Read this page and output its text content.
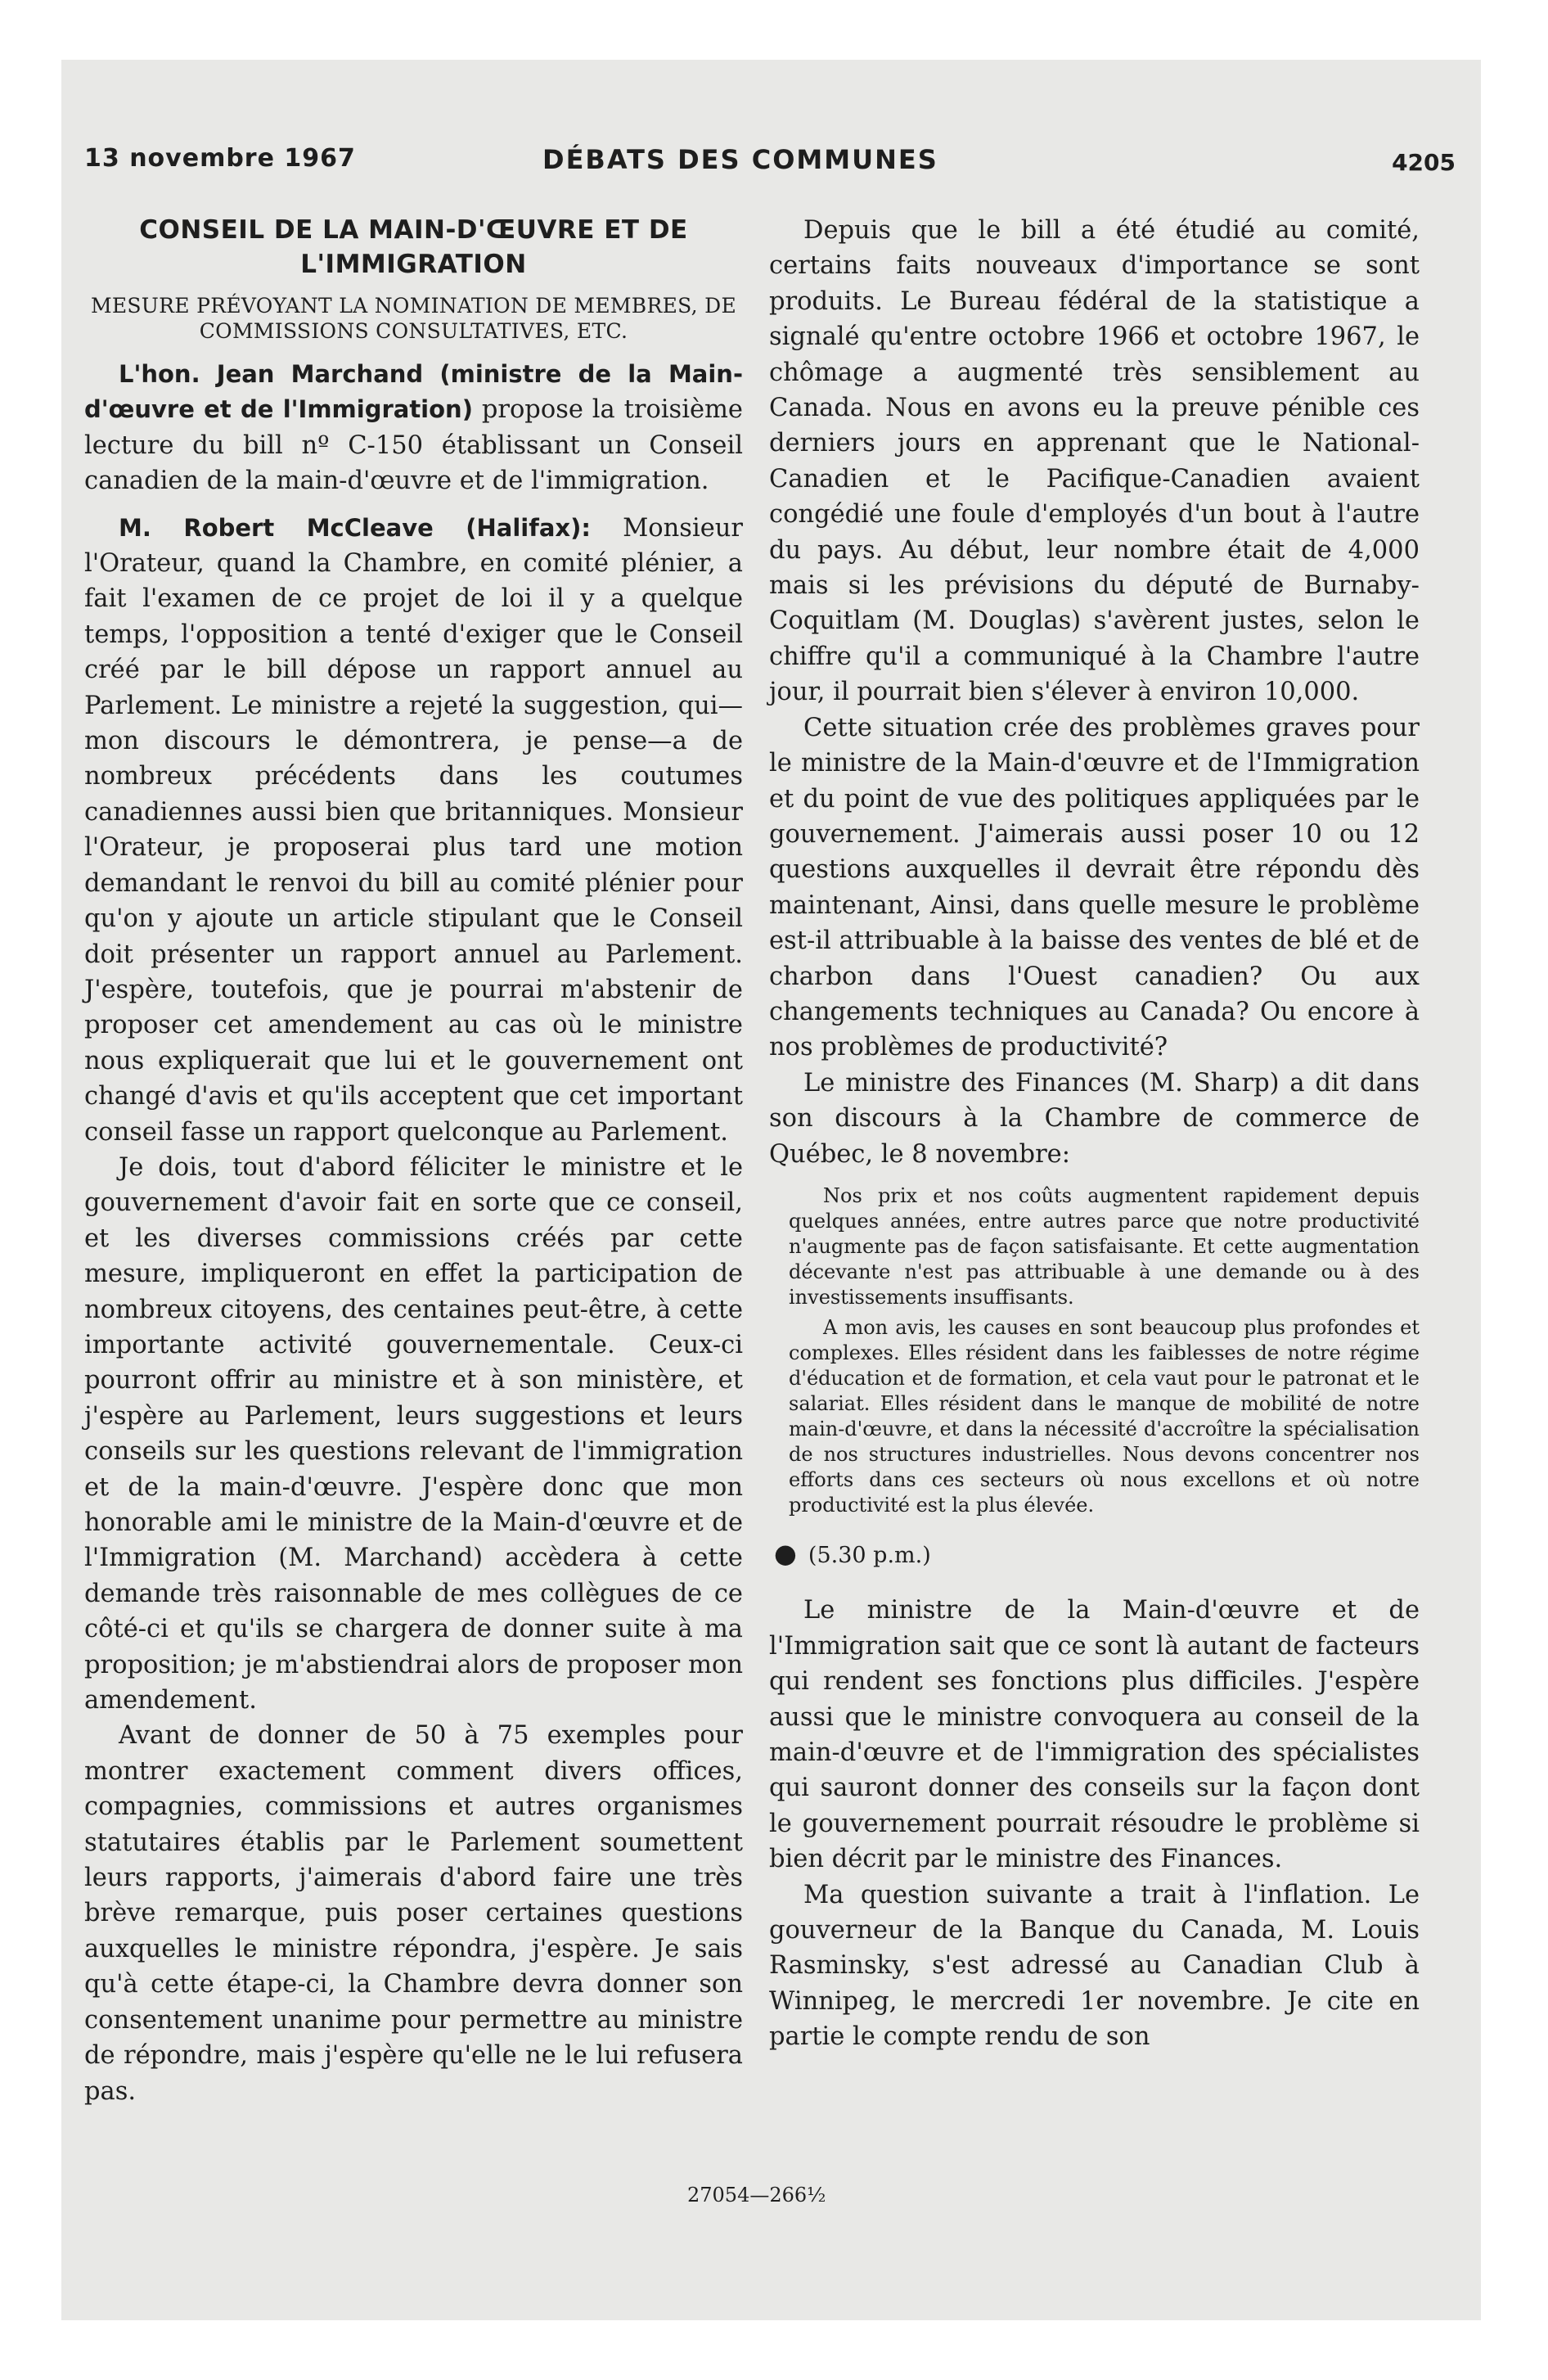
13 novembre 1967	DÉBATS DES COMMUNES	4205

CONSEIL DE LA MAIN-D'ŒUVRE ET DE L'IMMIGRATION

MESURE PRÉVOYANT LA NOMINATION DE MEMBRES, DE COMMISSIONS CONSULTATIVES, ETC.

L'hon. Jean Marchand (ministre de la Main-d'œuvre et de l'Immigration) propose la troisième lecture du bill nº C-150 établissant un Conseil canadien de la main-d'œuvre et de l'immigration.

M. Robert McCleave (Halifax): Monsieur l'Orateur, quand la Chambre, en comité plénier, a fait l'examen de ce projet de loi il y a quelque temps, l'opposition a tenté d'exiger que le Conseil créé par le bill dépose un rapport annuel au Parlement. Le ministre a rejeté la suggestion, qui—mon discours le démontrera, je pense—a de nombreux précédents dans les coutumes canadiennes aussi bien que britanniques. Monsieur l'Orateur, je proposerai plus tard une motion demandant le renvoi du bill au comité plénier pour qu'on y ajoute un article stipulant que le Conseil doit présenter un rapport annuel au Parlement. J'espère, toutefois, que je pourrai m'abstenir de proposer cet amendement au cas où le ministre nous expliquerait que lui et le gouvernement ont changé d'avis et qu'ils acceptent que cet important conseil fasse un rapport quelconque au Parlement.

Je dois, tout d'abord féliciter le ministre et le gouvernement d'avoir fait en sorte que ce conseil, et les diverses commissions créés par cette mesure, impliqueront en effet la participation de nombreux citoyens, des centaines peut-être, à cette importante activité gouvernementale. Ceux-ci pourront offrir au ministre et à son ministère, et j'espère au Parlement, leurs suggestions et leurs conseils sur les questions relevant de l'immigration et de la main-d'œuvre. J'espère donc que mon honorable ami le ministre de la Main-d'œuvre et de l'Immigration (M. Marchand) accèdera à cette demande très raisonnable de mes collègues de ce côté-ci et qu'ils se chargera de donner suite à ma proposition; je m'abstiendrai alors de proposer mon amendement.

Avant de donner de 50 à 75 exemples pour montrer exactement comment divers offices, compagnies, commissions et autres organismes statutaires établis par le Parlement soumettent leurs rapports, j'aimerais d'abord faire une très brève remarque, puis poser certaines questions auxquelles le ministre répondra, j'espère. Je sais qu'à cette étape-ci, la Chambre devra donner son consentement unanime pour permettre au ministre de répondre, mais j'espère qu'elle ne le lui refusera pas.

Depuis que le bill a été étudié au comité, certains faits nouveaux d'importance se sont produits. Le Bureau fédéral de la statistique a signalé qu'entre octobre 1966 et octobre 1967, le chômage a augmenté très sensiblement au Canada. Nous en avons eu la preuve pénible ces derniers jours en apprenant que le National-Canadien et le Pacifique-Canadien avaient congédié une foule d'employés d'un bout à l'autre du pays. Au début, leur nombre était de 4,000 mais si les prévisions du député de Burnaby-Coquitlam (M. Douglas) s'avèrent justes, selon le chiffre qu'il a communiqué à la Chambre l'autre jour, il pourrait bien s'élever à environ 10,000.

Cette situation crée des problèmes graves pour le ministre de la Main-d'œuvre et de l'Immigration et du point de vue des politiques appliquées par le gouvernement. J'aimerais aussi poser 10 ou 12 questions auxquelles il devrait être répondu dès maintenant, Ainsi, dans quelle mesure le problème est-il attribuable à la baisse des ventes de blé et de charbon dans l'Ouest canadien? Ou aux changements techniques au Canada? Ou encore à nos problèmes de productivité?

Le ministre des Finances (M. Sharp) a dit dans son discours à la Chambre de commerce de Québec, le 8 novembre:

Nos prix et nos coûts augmentent rapidement depuis quelques années, entre autres parce que notre productivité n'augmente pas de façon satisfaisante. Et cette augmentation décevante n'est pas attribuable à une demande ou à des investissements insuffisants.

A mon avis, les causes en sont beaucoup plus profondes et complexes. Elles résident dans les faiblesses de notre régime d'éducation et de formation, et cela vaut pour le patronat et le salariat. Elles résident dans le manque de mobilité de notre main-d'œuvre, et dans la nécessité d'accroître la spécialisation de nos structures industrielles. Nous devons concentrer nos efforts dans ces secteurs où nous excellons et où notre productivité est la plus élevée.

● (5.30 p.m.)

Le ministre de la Main-d'œuvre et de l'Immigration sait que ce sont là autant de facteurs qui rendent ses fonctions plus difficiles. J'espère aussi que le ministre convoquera au conseil de la main-d'œuvre et de l'immigration des spécialistes qui sauront donner des conseils sur la façon dont le gouvernement pourrait résoudre le problème si bien décrit par le ministre des Finances.

Ma question suivante a trait à l'inflation. Le gouverneur de la Banque du Canada, M. Louis Rasminsky, s'est adressé au Canadian Club à Winnipeg, le mercredi 1er novembre. Je cite en partie le compte rendu de son

27054—266½
